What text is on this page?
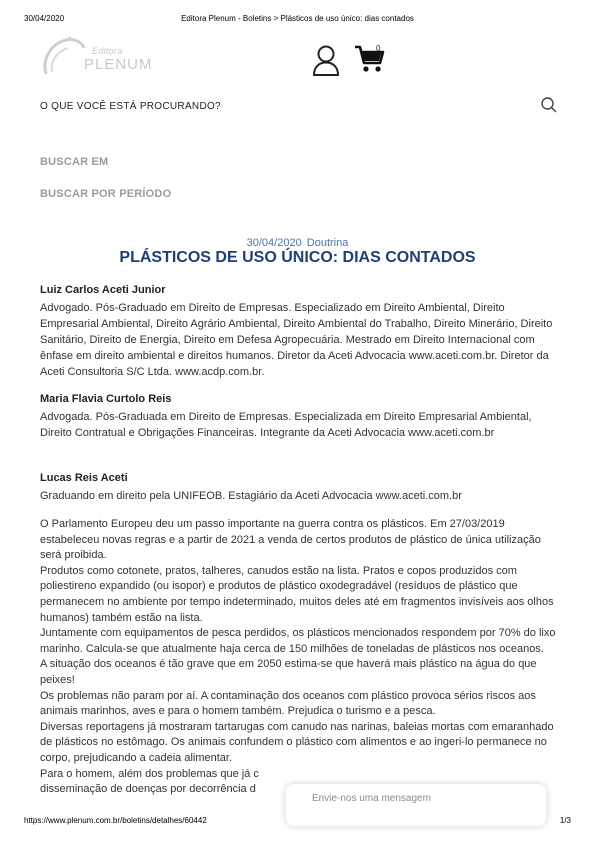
30/04/2020	Editora Plenum - Boletins > Plásticos de uso único: dias contados
Editora
PLENUM
0
O QUE VOCÊ ESTÁ PROCURANDO?
BUSCAR EM
BUSCAR POR PERÍODO
30/04/2020 Doutrina
PLÁSTICOS DE USO ÚNICO: DIAS CONTADOS
Luiz Carlos Aceti Junior
Advogado. Pós-Graduado em Direito de Empresas. Especializado em Direito Ambiental, Direito Empresarial Ambiental, Direito Agrário Ambiental, Direito Ambiental do Trabalho, Direito Minerário, Direito Sanitário, Direito de Energia, Direito em Defesa Agropecuária. Mestrado em Direito Internacional com ênfase em direito ambiental e direitos humanos. Diretor da Aceti Advocacia www.aceti.com.br. Diretor da Aceti Consultoria S/C Ltda. www.acdp.com.br.
Maria Flavia Curtolo Reis
Advogada. Pós-Graduada em Direito de Empresas. Especializada em Direito Empresarial Ambiental, Direito Contratual e Obrigações Financeiras. Integrante da Aceti Advocacia www.aceti.com.br
Lucas Reis Aceti
Graduando em direito pela UNIFEOB. Estagiário da Aceti Advocacia www.aceti.com.br

O Parlamento Europeu deu um passo importante na guerra contra os plásticos. Em 27/03/2019 estabeleceu novas regras e a partir de 2021 a venda de certos produtos de plástico de única utilização será proibida.

Produtos como cotonete, pratos, talheres, canudos estão na lista. Pratos e copos produzidos com poliestireno expandido (ou isopor) e produtos de plástico oxodegradável (resíduos de plástico que permanecem no ambiente por tempo indeterminado, muitos deles até em fragmentos invisíveis aos olhos humanos) também estão na lista.

Juntamente com equipamentos de pesca perdidos, os plásticos mencionados respondem por 70% do lixo marinho. Calcula-se que atualmente haja cerca de 150 milhões de toneladas de plásticos nos oceanos.

A situação dos oceanos é tão grave que em 2050 estima-se que haverá mais plástico na água do que peixes!

Os problemas não param por aí. A contaminação dos oceanos com plástico provoca sérios riscos aos animais marinhos, aves e para o homem também. Prejudica o turismo e a pesca.

Diversas reportagens já mostraram tartarugas com canudo nas narinas, baleias mortas com emaranhado de plásticos no estômago. Os animais confundem o plástico com alimentos e ao ingeri-lo permanece no corpo, prejudicando a cadeia alimentar.

Para o homem, além dos problemas que já c

disseminação de doenças por decorrência d

Envie-nos uma mensagem
https://www.plenum.com.br/boletins/detalhes/60442	1/3
